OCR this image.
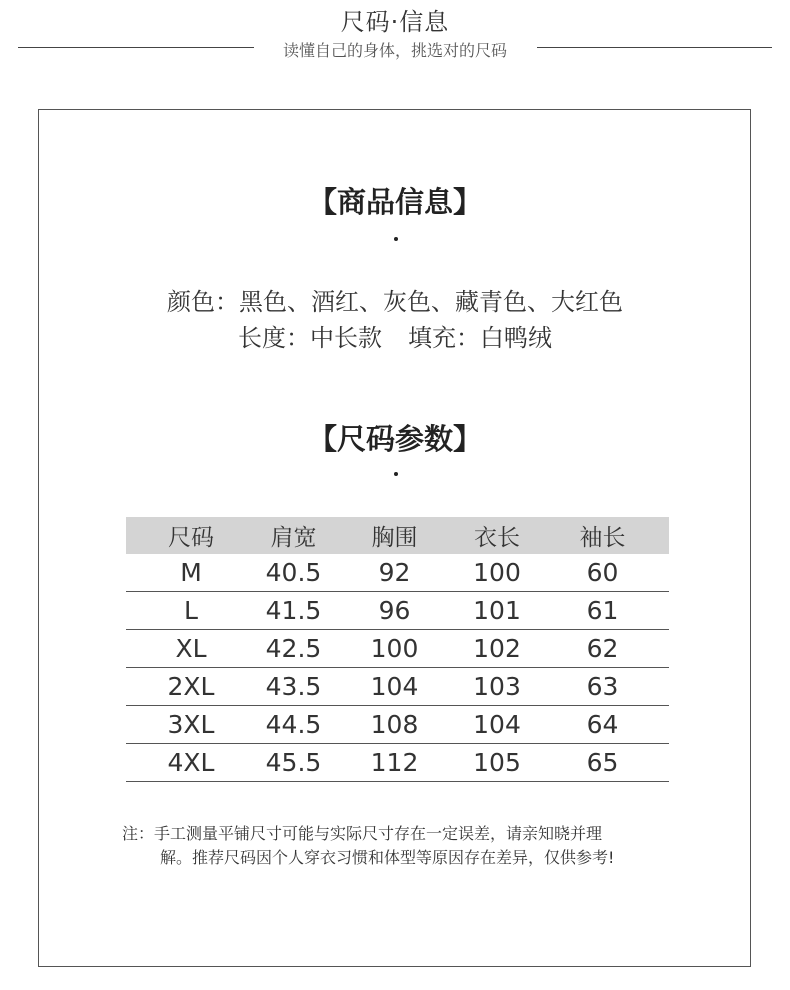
尺码·信息
读懂自己的身体，挑选对的尺码
【商品信息】
颜色：黑色、酒红、灰色、藏青色、大红色
长度：中长款 填充：白鸭绒
【尺码参数】
尺码	肩宽	胸围	衣长	袖长
M	40.5	92	100	60
L	41.5	96	101	61
XL	42.5	100	102	62
2XL	43.5	104	103	63
3XL	44.5	108	104	64
4XL	45.5	112	105	65
注：手工测量平铺尺寸可能与实际尺寸存在一定误差，请亲知晓并理
解。推荐尺码因个人穿衣习惯和体型等原因存在差异，仅供参考!
